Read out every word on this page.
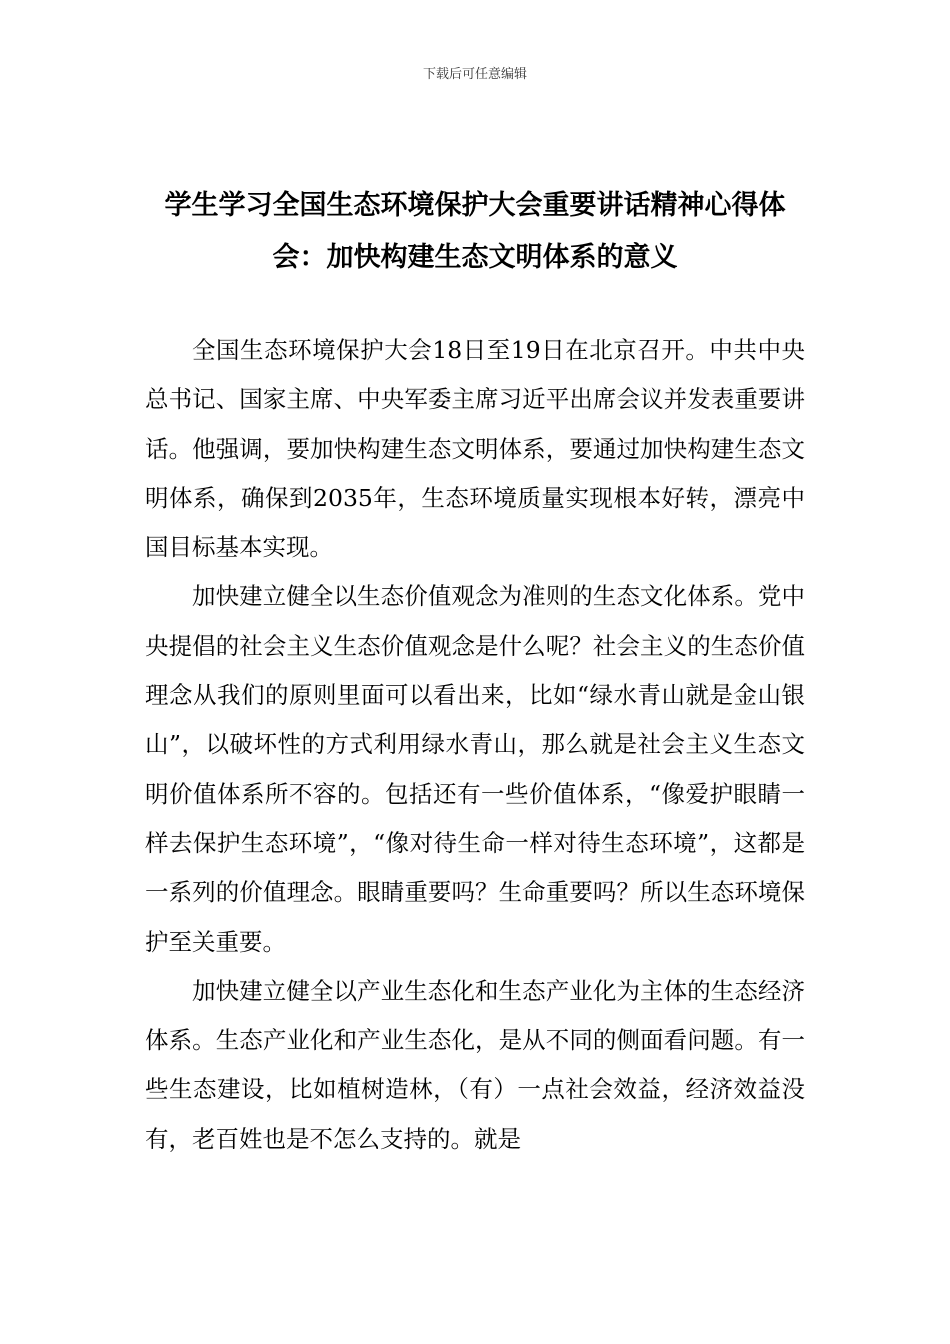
下载后可任意编辑
学生学习全国生态环境保护大会重要讲话精神心得体
会：加快构建生态文明体系的意义

全国生态环境保护大会18日至19日在北京召开。中共中央总书记、国家主席、中央军委主席习近平出席会议并发表重要讲话。他强调，要加快构建生态文明体系，要通过加快构建生态文明体系，确保到2035年，生态环境质量实现根本好转，漂亮中国目标基本实现。

加快建立健全以生态价值观念为准则的生态文化体系。党中央提倡的社会主义生态价值观念是什么呢？社会主义的生态价值理念从我们的原则里面可以看出来，比如“绿水青山就是金山银山”，以破坏性的方式利用绿水青山，那么就是社会主义生态文明价值体系所不容的。包括还有一些价值体系，“像爱护眼睛一样去保护生态环境”，“像对待生命一样对待生态环境”，这都是一系列的价值理念。眼睛重要吗？生命重要吗？所以生态环境保护至关重要。

加快建立健全以产业生态化和生态产业化为主体的生态经济体系。生态产业化和产业生态化，是从不同的侧面看问题。有一些生态建设，比如植树造林，（有）一点社会效益，经济效益没有，老百姓也是不怎么支持的。就是
